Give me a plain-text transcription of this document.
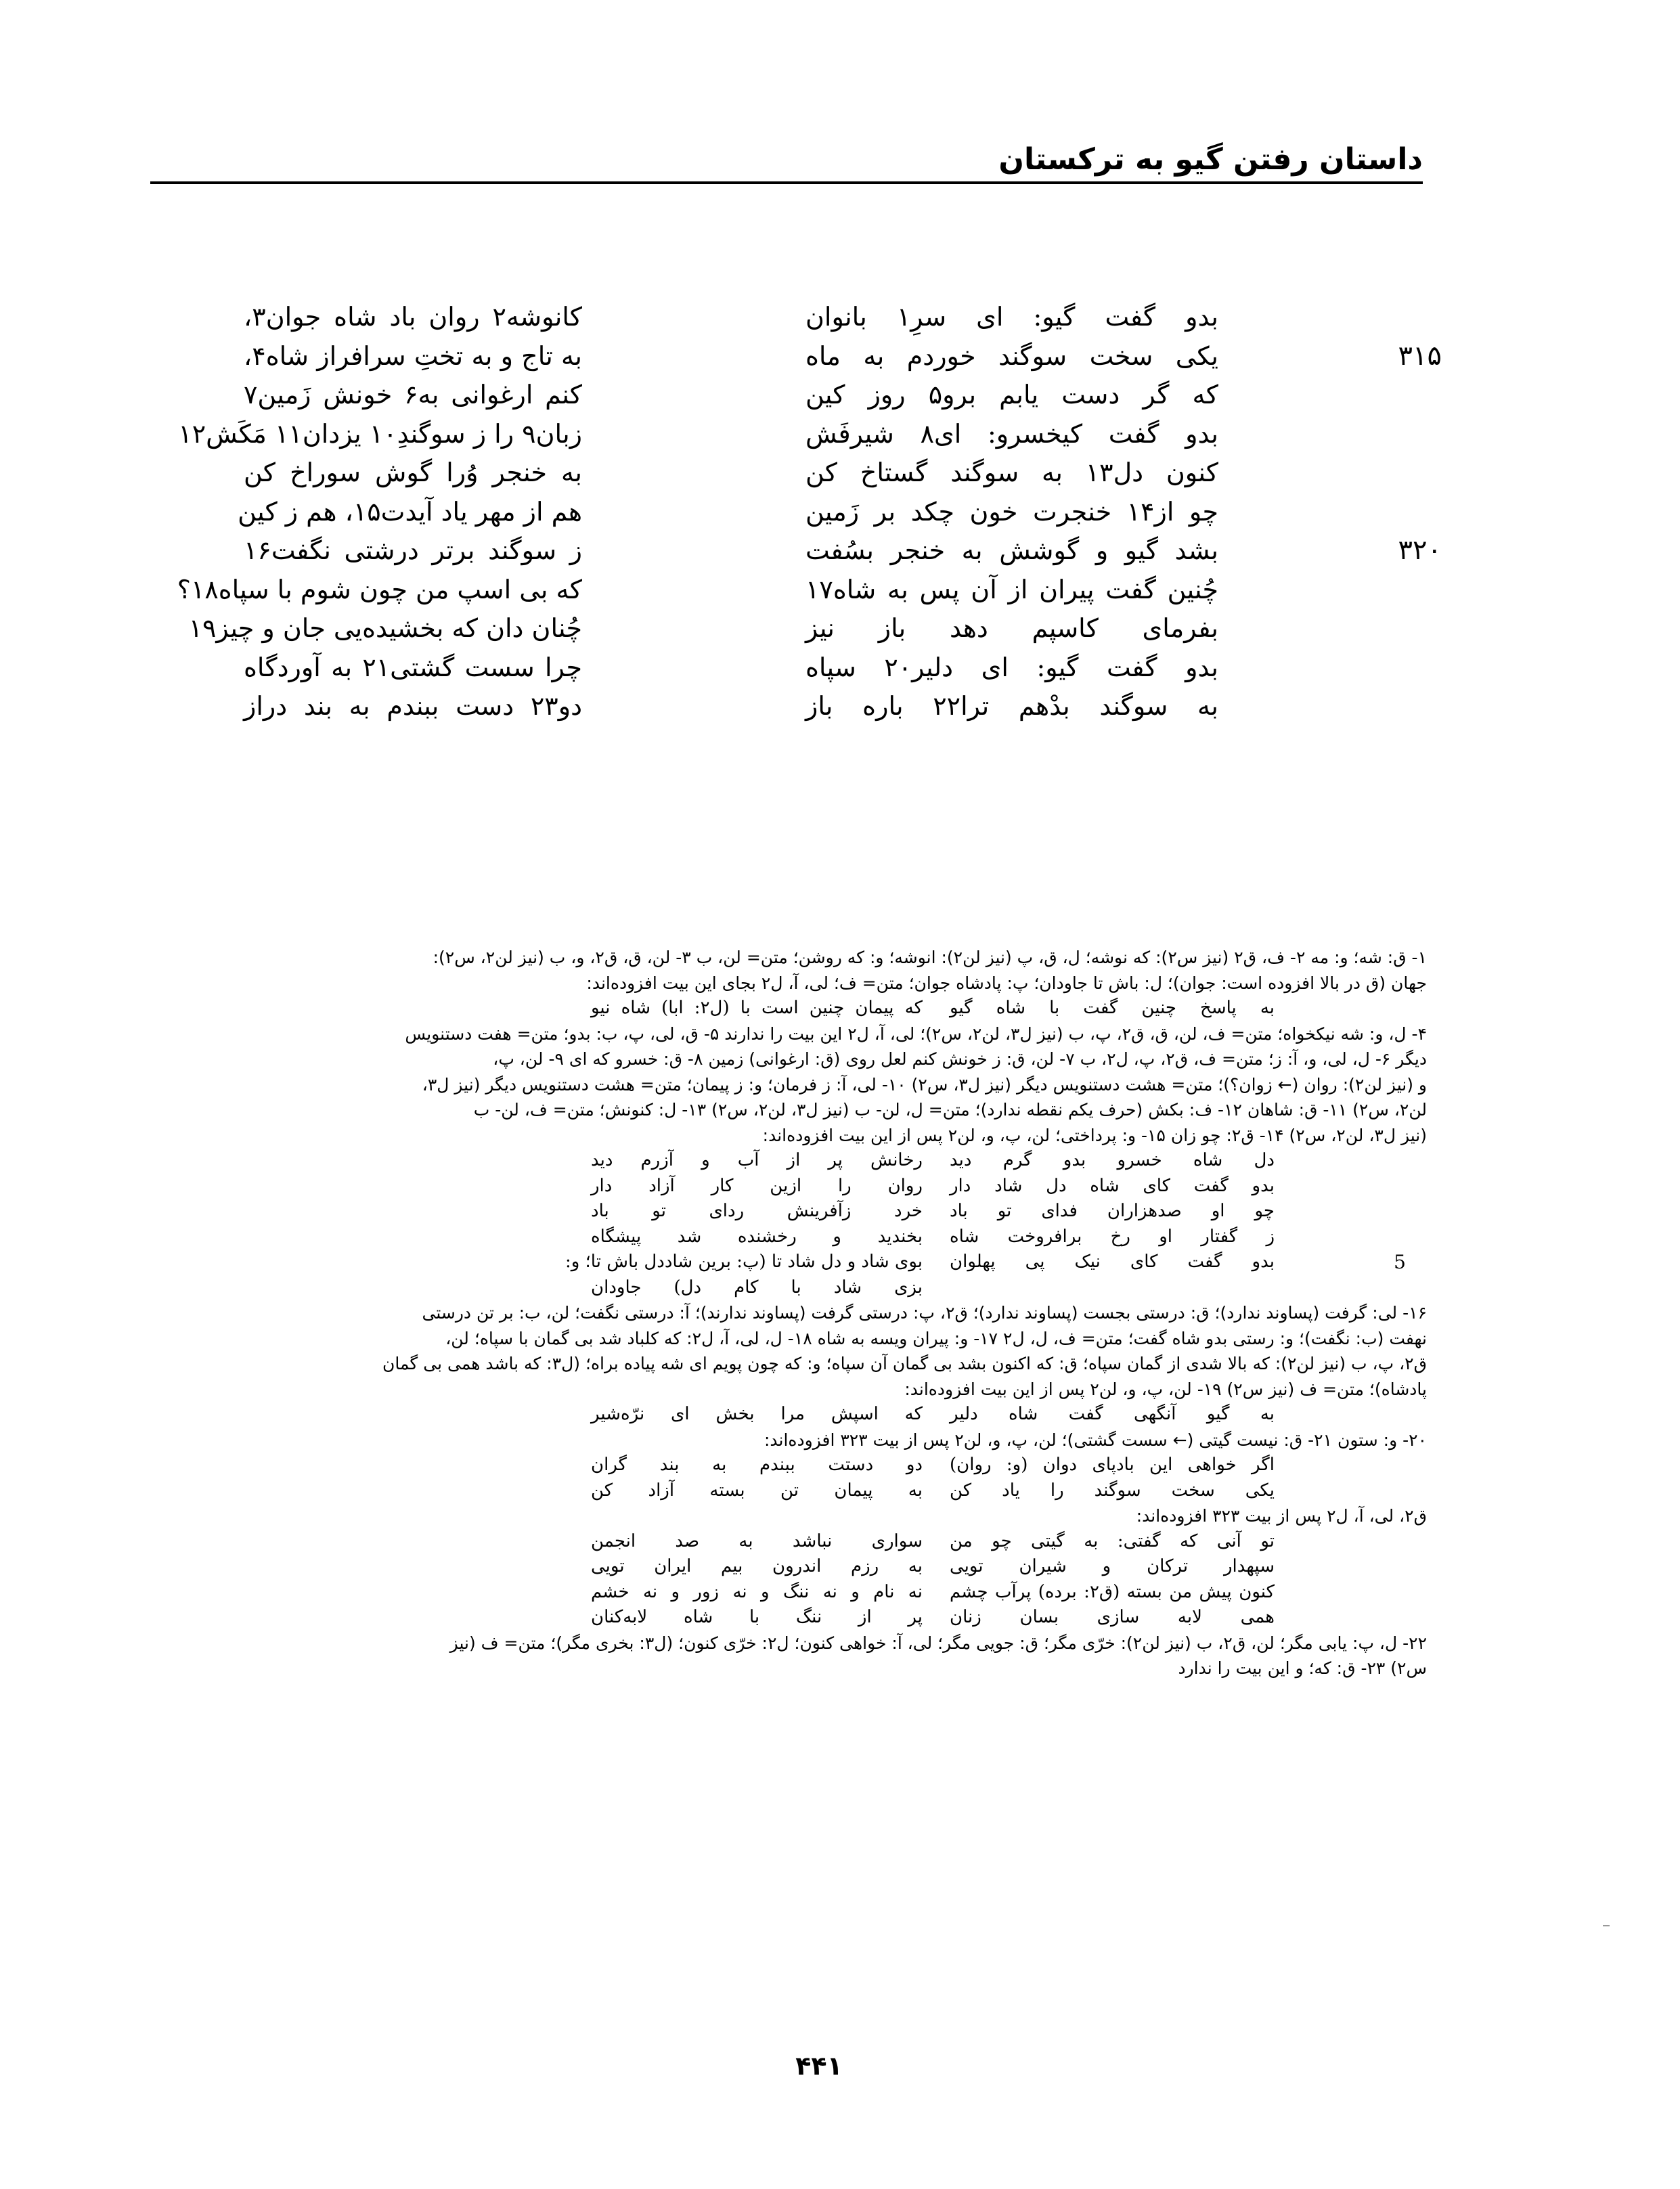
داستان رفتن گیو به ترکستان
بدو گفت گیو: ای سرِ۱ بانوان
کانوشه۲ روان باد شاه جوان۳،
۳۱۵
یکی سخت سوگند خوردم به ماه
به تاج و به تختِ سرافراز شاه۴،
که گر دست یابم برو۵ روز کین
کنم ارغوانی به۶ خونش زَمین۷
بدو گفت کیخسرو: ای۸ شیرفَش
زبان۹ را ز سوگندِ۱۰ یزدان۱۱ مَکَش۱۲
کنون دل۱۳ به سوگند گستاخ کن
به خنجر وُرا گوش سوراخ کن
چو از۱۴ خنجرت خون چکد بر زَمین
هم از مهر یاد آیدت۱۵، هم ز کین
۳۲۰
بشد گیو و گوشش به خنجر بسُفت
ز سوگند برتر درشتی نگفت۱۶
چُنین گفت پیران از آن پس به شاه۱۷
که بی اسپ من چون شوم با سپاه۱۸؟
بفرمای کاسپم دهد باز نیز
چُنان دان که بخشیده‌یی جان و چیز۱۹
بدو گفت گیو: ای دلیر۲۰ سپاه
چرا سست گشتی۲۱ به آوردگاه
به سوگند بدْهم ترا۲۲ باره باز
دو۲۳ دست ببندم به بند دراز
۱- ق: شه؛ و: مه ۲- ف، ق۲ (نیز س۲): که نوشه؛ ل، ق، پ (نیز لن۲): انوشه؛ و: که روشن؛ متن= لن، ب ۳- لن، ق، ق۲، و، ب (نیز لن۲، س۲):
جهان (ق در بالا افزوده است: جوان)؛ ل: باش تا جاودان؛ پ: پادشاه جوان؛ متن= ف؛ لی، آ، ل۲ بجای این بیت افزوده‌اند:
به پاسخ چنین گفت با شاه گیو
که پیمان چنین است با (ل۲: ابا) شاه نیو
۴- ل، و: شه نیکخواه؛ متن= ف، لن، ق، ق۲، پ، ب (نیز ل۳، لن۲، س۲)؛ لی، آ، ل۲ این بیت را ندارند ۵- ق، لی، پ، ب: بدو؛ متن= هفت دستنویس
دیگر ۶- ل، لی، و، آ: ز؛ متن= ف، ق۲، پ، ل۲، ب ۷- لن، ق: ز خونش کنم لعل روی (ق: ارغوانی) زمین ۸- ق: خسرو که ای ۹- لن، پ،
و (نیز لن۲): روان (← زوان؟)؛ متن= هشت دستنویس دیگر (نیز ل۳، س۲) ۱۰- لی، آ: ز فرمان؛ و: ز پیمان؛ متن= هشت دستنویس دیگر (نیز ل۳،
لن۲، س۲) ۱۱- ق: شاهان ۱۲- ف: بکش (حرف یکم نقطه ندارد)؛ متن= ل، لن- ب (نیز ل۳، لن۲، س۲) ۱۳- ل: کنونش؛ متن= ف، لن- ب
(نیز ل۳، لن۲، س۲) ۱۴- ق۲: چو زان ۱۵- و: پرداختی؛ لن، پ، و، لن۲ پس از این بیت افزوده‌اند:
دل شاه خسرو بدو گرم دید
رخانش پر از آب و آزرم دید
بدو گفت کای شاه دل شاد دار
روان را ازین کار آزاد دار
چو او صدهزاران فدای تو باد
خرد زآفرینش ردای تو باد
ز گفتار او رخ برافروخت شاه
بخندید و رخشنده شد پیشگاه
5
بدو گفت کای نیک پی پهلوان
بوی شاد و دل شاد تا (پ: برین شاددل باش تا؛ و:
بزی شاد با کام دل) جاودان
۱۶- لی: گرفت (پساوند ندارد)؛ ق: درستی بجست (پساوند ندارد)؛ ق۲، پ: درستی گرفت (پساوند ندارند)؛ آ: درستی نگفت؛ لن، ب: بر تن درستی
نهفت (ب: نگفت)؛ و: رستی بدو شاه گفت؛ متن= ف، ل، ل۲ ۱۷- و: پیران ویسه به شاه ۱۸- ل، لی، آ، ل۲: که کلباد شد بی گمان با سپاه؛ لن،
ق۲، پ، ب (نیز لن۲): که بالا شدی از گمان سپاه؛ ق: که اکنون بشد بی گمان آن سپاه؛ و: که چون پویم ای شه پیاده براه؛ (ل۳: که باشد همی بی گمان
پادشاه)؛ متن= ف (نیز س۲) ۱۹- لن، پ، و، لن۲ پس از این بیت افزوده‌اند:
به گیو آنگهی گفت شاه دلیر
که اسپش مرا بخش ای نرّه‌شیر
۲۰- و: ستون ۲۱- ق: نیست گیتی (← سست گشتی)؛ لن، پ، و، لن۲ پس از بیت ۳۲۳ افزوده‌اند:
اگر خواهی این بادپای دوان (و: روان)
دو دستت ببندم به بند گران
یکی سخت سوگند را یاد کن
به پیمان تن بسته آزاد کن
ق۲، لی، آ، ل۲ پس از بیت ۳۲۳ افزوده‌اند:
تو آنی که گفتی: به گیتی چو من
سواری نباشد به صد انجمن
سپهدار ترکان و شیران تویی
به رزم اندرون بیم ایران تویی
کنون پیش من بسته (ق۲: برده) پرآب چشم
نه نام و نه ننگ و نه زور و نه خشم
همی لابه سازی بسان زنان
پر از ننگ با شاه لابه‌کنان
۲۲- ل، پ: یابی مگر؛ لن، ق۲، ب (نیز لن۲): خرّی مگر؛ ق: جویی مگر؛ لی، آ: خواهی کنون؛ ل۲: خرّی کنون؛ (ل۳: بخری مگر)؛ متن= ف (نیز
س۲) ۲۳- ق: که؛ و این بیت را ندارد
۴۴۱
